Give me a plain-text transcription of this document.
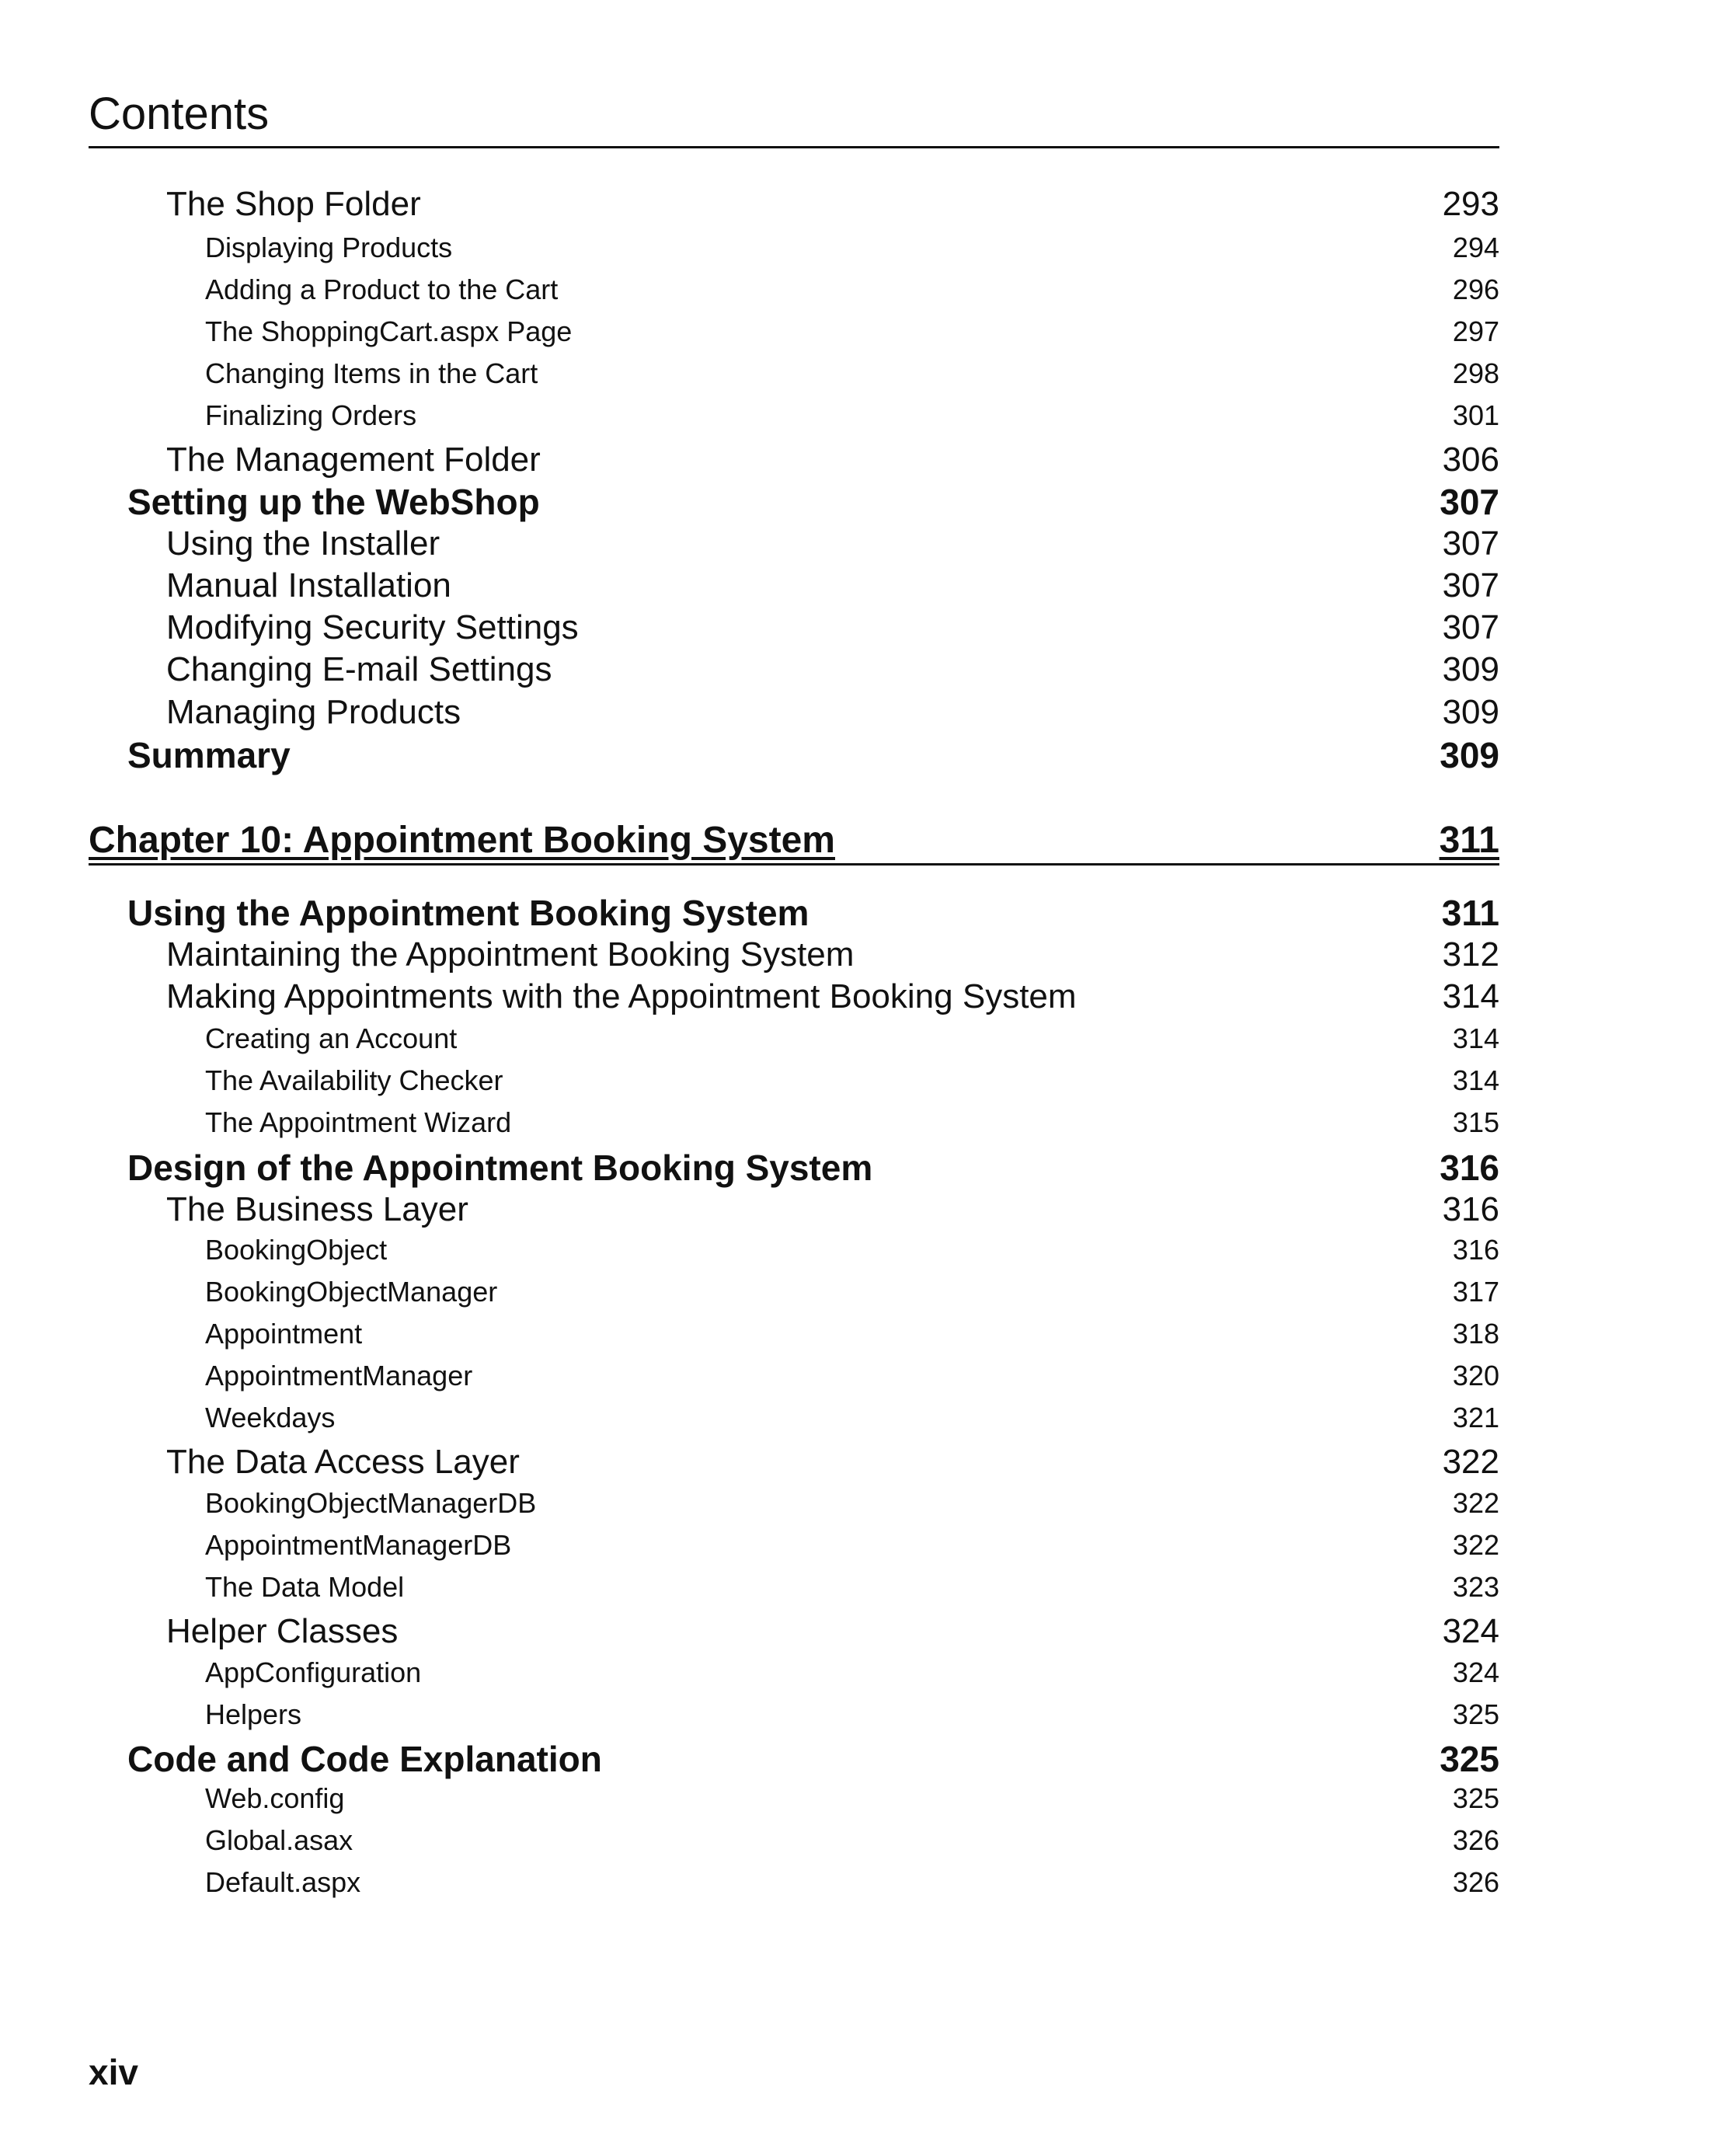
Contents
The Shop Folder	293
Displaying Products	294
Adding a Product to the Cart	296
The ShoppingCart.aspx Page	297
Changing Items in the Cart	298
Finalizing Orders	301
The Management Folder	306
Setting up the WebShop	307
Using the Installer	307
Manual Installation	307
Modifying Security Settings	307
Changing E-mail Settings	309
Managing Products	309
Summary	309
Chapter 10: Appointment Booking System	311
Using the Appointment Booking System	311
Maintaining the Appointment Booking System	312
Making Appointments with the Appointment Booking System	314
Creating an Account	314
The Availability Checker	314
The Appointment Wizard	315
Design of the Appointment Booking System	316
The Business Layer	316
BookingObject	316
BookingObjectManager	317
Appointment	318
AppointmentManager	320
Weekdays	321
The Data Access Layer	322
BookingObjectManagerDB	322
AppointmentManagerDB	322
The Data Model	323
Helper Classes	324
AppConfiguration	324
Helpers	325
Code and Code Explanation	325
Web.config	325
Global.asax	326
Default.aspx	326
xiv
